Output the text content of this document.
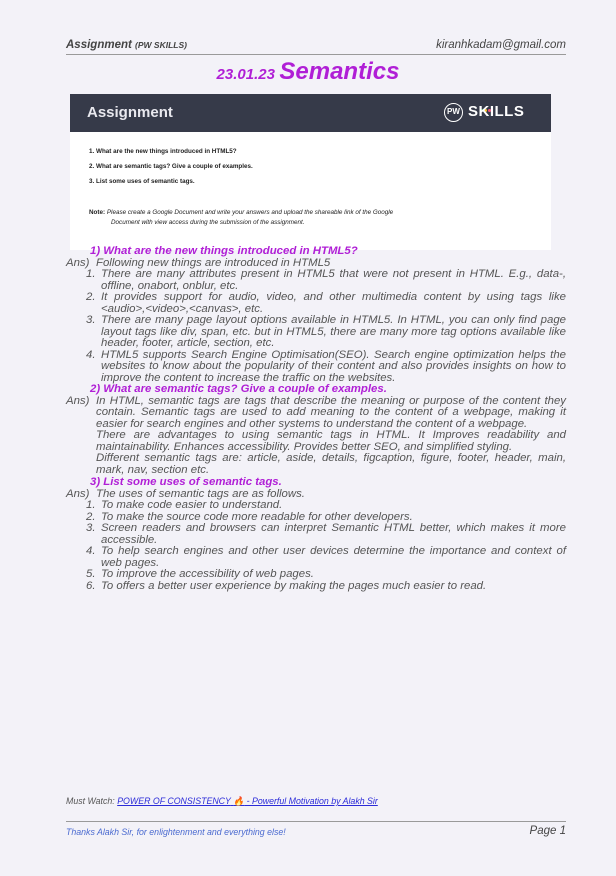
Assignment (PW SKILLS)	kiranhkadam@gmail.com
23.01.23 Semantics
Assignment	PW SKILLS
1. What are the new things introduced in HTML5?
2. What are semantic tags? Give a couple of examples.
3. List some uses of semantic tags.
Note: Please create a Google Document and write your answers and upload the shareable link of the Google
Document with view access during the submission of the assignment.
1) What are the new things introduced in HTML5?
Ans) Following new things are introduced in HTML5
1. There are many attributes present in HTML5 that were not present in HTML. E.g., data-, offline, onabort, onblur, etc.
2. It provides support for audio, video, and other multimedia content by using tags like <audio>,<video>,<canvas>, etc.
3. There are many page layout options available in HTML5. In HTML, you can only find page layout tags like div, span, etc. but in HTML5, there are many more tag options available like header, footer, article, section, etc.
4. HTML5 supports Search Engine Optimisation(SEO). Search engine optimization helps the websites to know about the popularity of their content and also provides insights on how to improve the content to increase the traffic on the websites.
2) What are semantic tags? Give a couple of examples.
Ans) In HTML, semantic tags are tags that describe the meaning or purpose of the content they contain. Semantic tags are used to add meaning to the content of a webpage, making it easier for search engines and other systems to understand the content of a webpage.
There are advantages to using semantic tags in HTML. It Improves readability and maintainability. Enhances accessibility. Provides better SEO, and simplified styling.
Different semantic tags are: article, aside, details, figcaption, figure, footer, header, main, mark, nav, section etc.
3) List some uses of semantic tags.
Ans) The uses of semantic tags are as follows.
1. To make code easier to understand.
2. To make the source code more readable for other developers.
3. Screen readers and browsers can interpret Semantic HTML better, which makes it more accessible.
4. To help search engines and other user devices determine the importance and context of web pages.
5. To improve the accessibility of web pages.
6. To offers a better user experience by making the pages much easier to read.
Must Watch: POWER OF CONSISTENCY 🔥 - Powerful Motivation by Alakh Sir
Thanks Alakh Sir, for enlightenment and everything else!	Page 1
